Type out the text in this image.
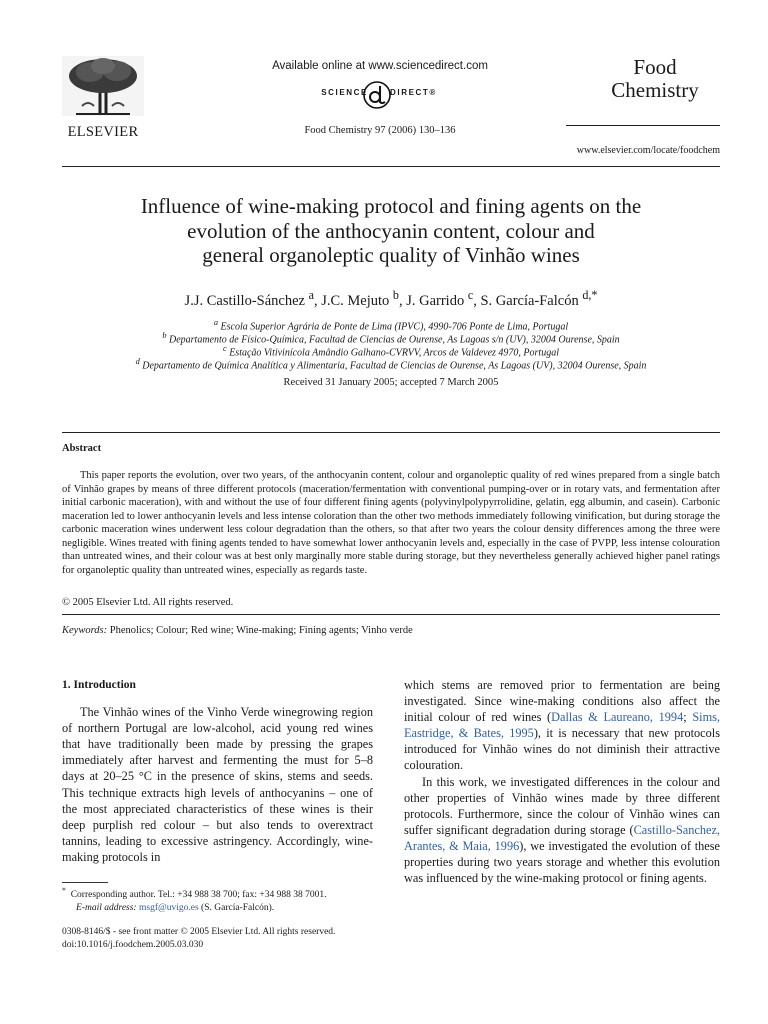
ELSEVIER
Available online at www.sciencedirect.com
SCIENCE	DIRECT®
Food Chemistry 97 (2006) 130–136
Food
Chemistry
www.elsevier.com/locate/foodchem
Influence of wine-making protocol and fining agents on the
evolution of the anthocyanin content, colour and
general organoleptic quality of Vinhão wines
J.J. Castillo-Sánchez $^a$, J.C. Mejuto $^b$, J. Garrido $^c$, S. García-Falcón $^{d,*}$
$^a$ Escola Superior Agrária de Ponte de Lima (IPVC), 4990-706 Ponte de Lima, Portugal
$^b$ Departamento de Físico-Química, Facultad de Ciencias de Ourense, As Lagoas s/n (UV), 32004 Ourense, Spain
$^c$ Estação Vitivinícola Amândio Galhano-CVRVV, Arcos de Valdevez 4970, Portugal
$^d$ Departamento de Química Analítica y Alimentaria, Facultad de Ciencias de Ourense, As Lagoas (UV), 32004 Ourense, Spain
Received 31 January 2005; accepted 7 March 2005
Abstract

This paper reports the evolution, over two years, of the anthocyanin content, colour and organoleptic quality of red wines prepared from a single batch of Vinhão grapes by means of three different protocols (maceration/fermentation with conventional pumping-over or in rotary vats, and fermentation after initial carbonic maceration), with and without the use of four different fining agents (polyvinylpolypyrrolidine, gelatin, egg albumin, and casein). Carbonic maceration led to lower anthocyanin levels and less intense coloration than the other two methods immediately following vinification, but during storage the carbonic maceration wines underwent less colour degradation than the others, so that after two years the colour density differences among the three were negligible. Wines treated with fining agents tended to have somewhat lower anthocyanin levels and, especially in the case of PVPP, less intense colouration than untreated wines, and their colour was at best only marginally more stable during storage, but they nevertheless generally achieved higher panel ratings for organoleptic quality than untreated wines, especially as regards taste.

© 2005 Elsevier Ltd. All rights reserved.
Keywords: Phenolics; Colour; Red wine; Wine-making; Fining agents; Vinho verde
1. Introduction

The Vinhão wines of the Vinho Verde winegrowing region of northern Portugal are low-alcohol, acid young red wines that have traditionally been made by pressing the grapes immediately after harvest and fermenting the must for 5–8 days at 20–25 °C in the presence of skins, stems and seeds. This technique extracts high levels of anthocyanins – one of the most appreciated characteristics of these wines is their deep purplish red colour – but also tends to overextract tannins, leading to excessive astringency. Accordingly, wine-making protocols in

which stems are removed prior to fermentation are being investigated. Since wine-making conditions also affect the initial colour of red wines (Dallas & Laureano, 1994; Sims, Eastridge, & Bates, 1995), it is necessary that new protocols introduced for Vinhão wines do not diminish their attractive colouration.

In this work, we investigated differences in the colour and other properties of Vinhão wines made by three different protocols. Furthermore, since the colour of Vinhão wines can suffer significant degradation during storage (Castillo-Sanchez, Arantes, & Maia, 1996), we investigated the evolution of these properties during two years storage and whether this evolution was influenced by the wine-making protocol or fining agents.

* Corresponding author. Tel.: +34 988 38 700; fax: +34 988 38 7001.
E-mail address: msgf@uvigo.es (S. García-Falcón).
0308-8146/$ - see front matter © 2005 Elsevier Ltd. All rights reserved.
doi:10.1016/j.foodchem.2005.03.030
